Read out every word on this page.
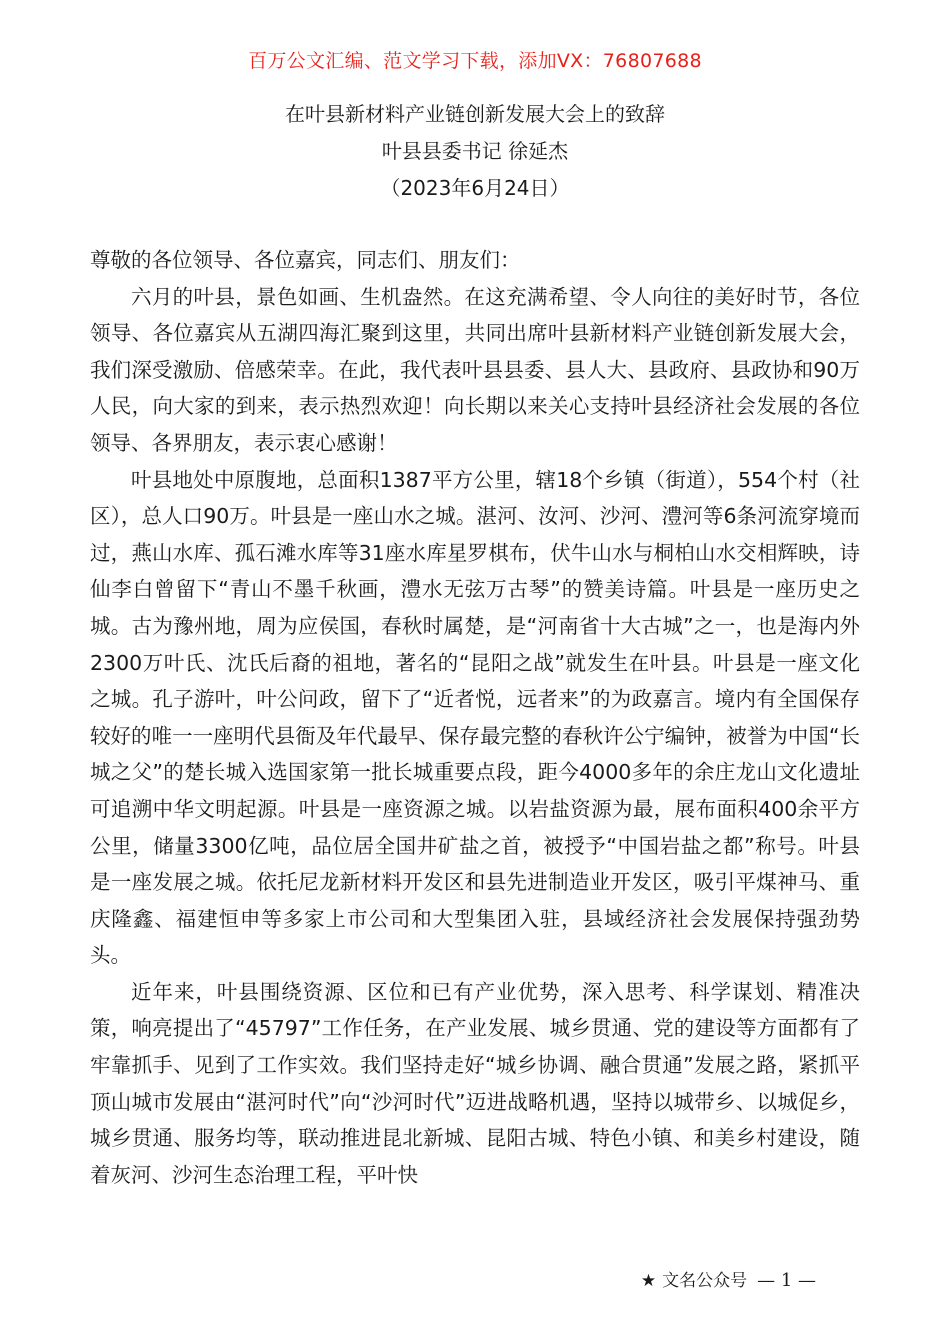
百万公文汇编、范文学习下载，添加VX：76807688
在叶县新材料产业链创新发展大会上的致辞
叶县县委书记 徐延杰
（2023年6月24日）

尊敬的各位领导、各位嘉宾，同志们、朋友们：

六月的叶县，景色如画、生机盎然。在这充满希望、令人向往的美好时节，各位领导、各位嘉宾从五湖四海汇聚到这里，共同出席叶县新材料产业链创新发展大会，我们深受激励、倍感荣幸。在此，我代表叶县县委、县人大、县政府、县政协和90万人民，向大家的到来，表示热烈欢迎！向长期以来关心支持叶县经济社会发展的各位领导、各界朋友，表示衷心感谢！

叶县地处中原腹地，总面积1387平方公里，辖18个乡镇（街道），554个村（社区），总人口90万。叶县是一座山水之城。湛河、汝河、沙河、澧河等6条河流穿境而过，燕山水库、孤石滩水库等31座水库星罗棋布，伏牛山水与桐柏山水交相辉映，诗仙李白曾留下“青山不墨千秋画，澧水无弦万古琴”的赞美诗篇。叶县是一座历史之城。古为豫州地，周为应侯国，春秋时属楚，是“河南省十大古城”之一，也是海内外2300万叶氏、沈氏后裔的祖地，著名的“昆阳之战”就发生在叶县。叶县是一座文化之城。孔子游叶，叶公问政，留下了“近者悦，远者来”的为政嘉言。境内有全国保存较好的唯一一座明代县衙及年代最早、保存最完整的春秋许公宁编钟，被誉为中国“长城之父”的楚长城入选国家第一批长城重要点段，距今4000多年的余庄龙山文化遗址可追溯中华文明起源。叶县是一座资源之城。以岩盐资源为最，展布面积400余平方公里，储量3300亿吨，品位居全国井矿盐之首，被授予“中国岩盐之都”称号。叶县是一座发展之城。依托尼龙新材料开发区和县先进制造业开发区，吸引平煤神马、重庆隆鑫、福建恒申等多家上市公司和大型集团入驻，县域经济社会发展保持强劲势头。

近年来，叶县围绕资源、区位和已有产业优势，深入思考、科学谋划、精准决策，响亮提出了“45797”工作任务，在产业发展、城乡贯通、党的建设等方面都有了牢靠抓手、见到了工作实效。我们坚持走好“城乡协调、融合贯通”发展之路，紧抓平顶山城市发展由“湛河时代”向“沙河时代”迈进战略机遇，坚持以城带乡、以城促乡，城乡贯通、服务均等，联动推进昆北新城、昆阳古城、特色小镇、和美乡村建设，随着灰河、沙河生态治理工程，平叶快

★ 文名公众号 — 1 —
